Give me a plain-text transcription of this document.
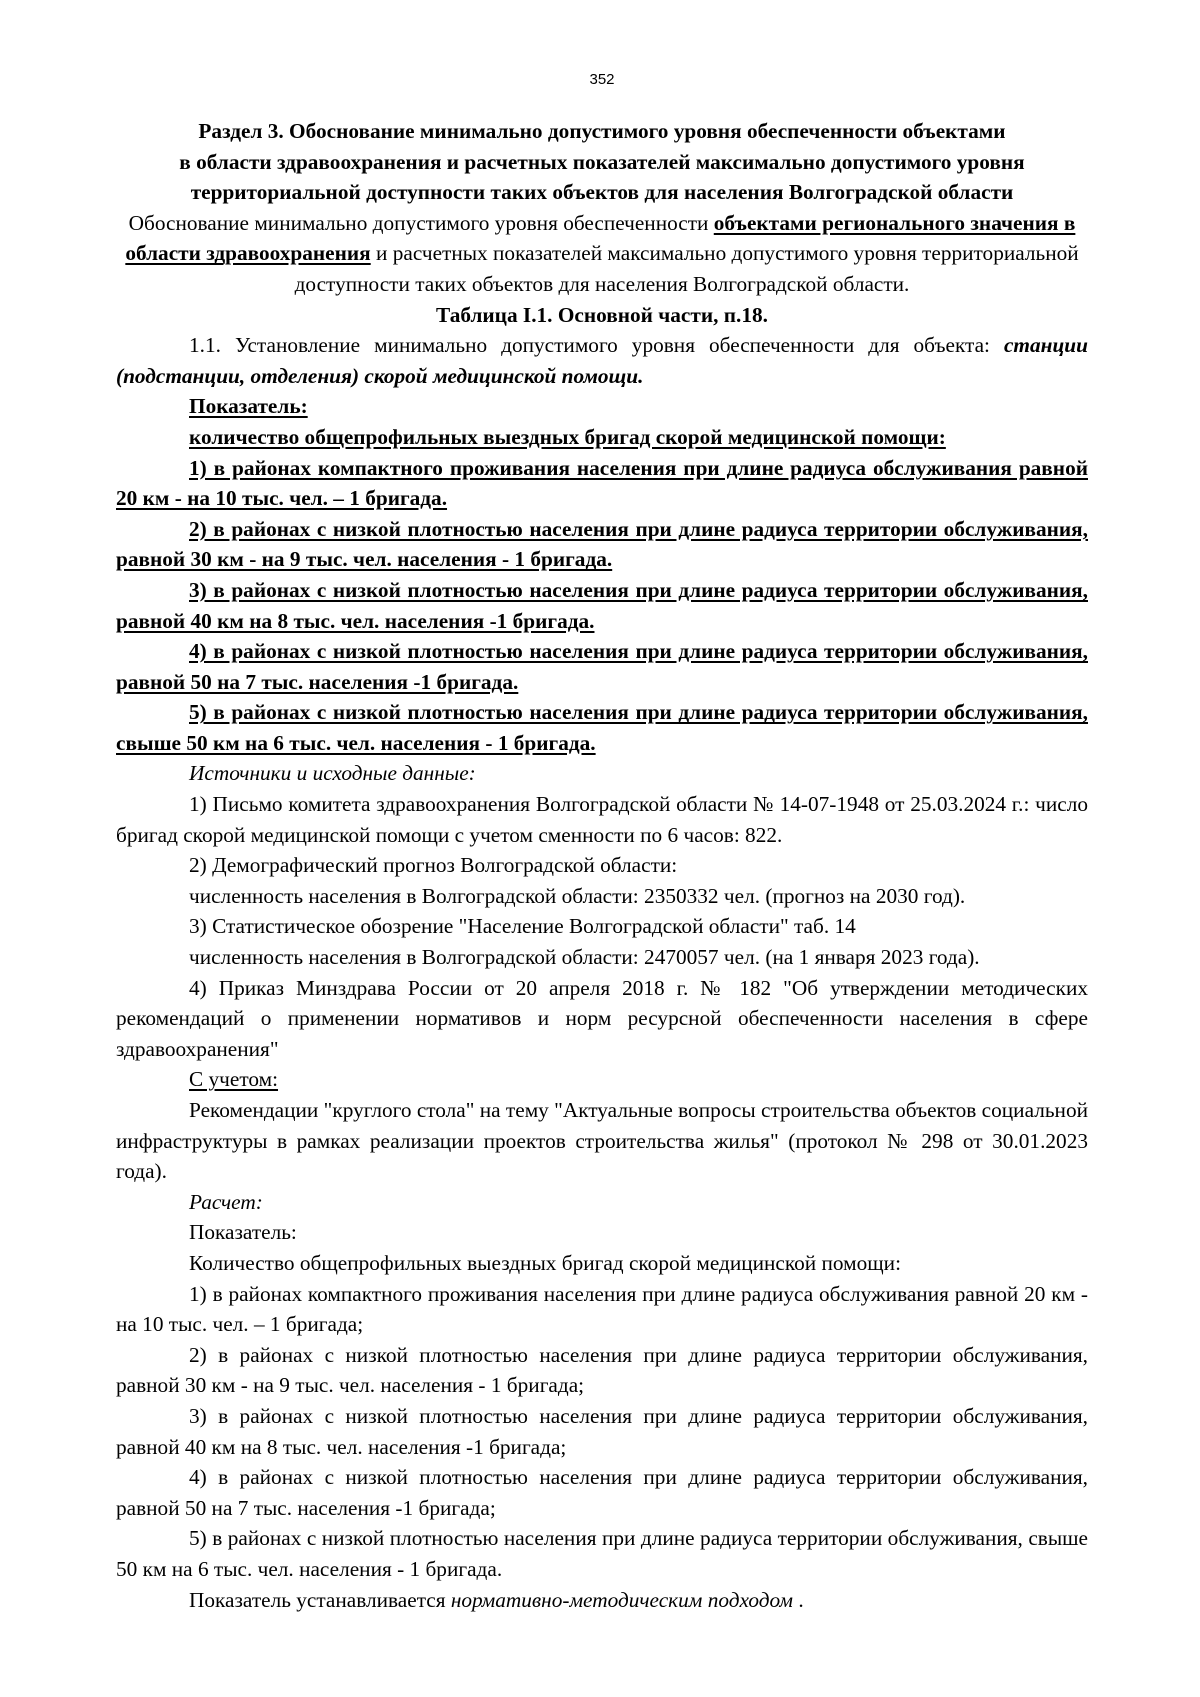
352
Раздел 3. Обоснование минимально допустимого уровня обеспеченности объектами
в области здравоохранения и расчетных показателей максимально допустимого уровня
территориальной доступности таких объектов для населения Волгоградской области

Обоснование минимально допустимого уровня обеспеченности объектами регионального значения в области здравоохранения и расчетных показателей максимально допустимого уровня территориальной доступности таких объектов для населения Волгоградской области.

Таблица I.1. Основной части, п.18.

1.1. Установление минимально допустимого уровня обеспеченности для объекта: станции (подстанции, отделения) скорой медицинской помощи.

Показатель:

количество общепрофильных выездных бригад скорой медицинской помощи:

1) в районах компактного проживания населения при длине радиуса обслуживания равной 20 км - на 10 тыс. чел. – 1 бригада.

2) в районах с низкой плотностью населения при длине радиуса территории обслуживания, равной 30 км - на 9 тыс. чел. населения - 1 бригада.

3) в районах с низкой плотностью населения при длине радиуса территории обслуживания, равной 40 км на 8 тыс. чел. населения -1 бригада.

4) в районах с низкой плотностью населения при длине радиуса территории обслуживания, равной 50 на 7 тыс. населения -1 бригада.

5) в районах с низкой плотностью населения при длине радиуса территории обслуживания, свыше 50 км на 6 тыс. чел. населения - 1 бригада.

Источники и исходные данные:

1) Письмо комитета здравоохранения Волгоградской области № 14-07-1948 от 25.03.2024 г.: число бригад скорой медицинской помощи с учетом сменности по 6 часов: 822.

2) Демографический прогноз Волгоградской области:

численность населения в Волгоградской области: 2350332 чел. (прогноз на 2030 год).

3) Статистическое обозрение "Население Волгоградской области" таб. 14

численность населения в Волгоградской области: 2470057 чел. (на 1 января 2023 года).

4) Приказ Минздрава России от 20 апреля 2018 г. № 182 "Об утверждении методических рекомендаций о применении нормативов и норм ресурсной обеспеченности населения в сфере здравоохранения"

С учетом:

Рекомендации "круглого стола" на тему "Актуальные вопросы строительства объектов социальной инфраструктуры в рамках реализации проектов строительства жилья" (протокол № 298 от 30.01.2023 года).

Расчет:

Показатель:

Количество общепрофильных выездных бригад скорой медицинской помощи:

1) в районах компактного проживания населения при длине радиуса обслуживания равной 20 км - на 10 тыс. чел. – 1 бригада;

2) в районах с низкой плотностью населения при длине радиуса территории обслуживания, равной 30 км - на 9 тыс. чел. населения - 1 бригада;

3) в районах с низкой плотностью населения при длине радиуса территории обслуживания, равной 40 км на 8 тыс. чел. населения -1 бригада;

4) в районах с низкой плотностью населения при длине радиуса территории обслуживания, равной 50 на 7 тыс. населения -1 бригада;

5) в районах с низкой плотностью населения при длине радиуса территории обслуживания, свыше 50 км на 6 тыс. чел. населения - 1 бригада.

Показатель устанавливается нормативно-методическим подходом .
